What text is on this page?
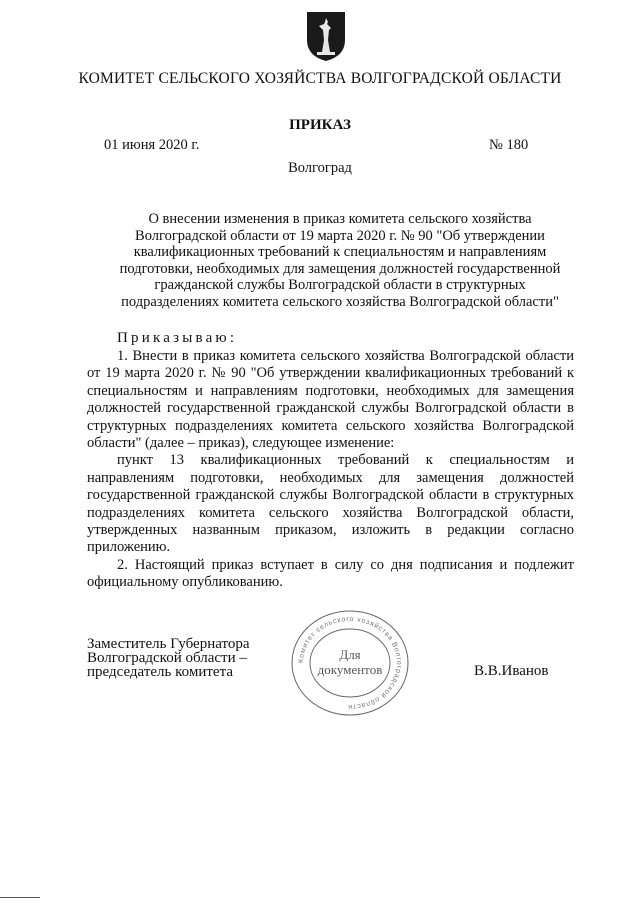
КОМИТЕТ СЕЛЬСКОГО ХОЗЯЙСТВА ВОЛГОГРАДСКОЙ ОБЛАСТИ
ПРИКАЗ
01 июня 2020 г.	№ 180
Волгоград
О внесении изменения в приказ комитета сельского хозяйства Волгоградской области от 19 марта 2020 г. № 90 "Об утверждении квалификационных требований к специальностям и направлениям подготовки, необходимых для замещения должностей государственной гражданской службы Волгоградской области в структурных подразделениях комитета сельского хозяйства Волгоградской области"
Приказываю:

1. Внести в приказ комитета сельского хозяйства Волгоградской области от 19 марта 2020 г. № 90 "Об утверждении квалификационных требований к специальностям и направлениям подготовки, необходимых для замещения должностей государственной гражданской службы Волгоградской области в структурных подразделениях комитета сельского хозяйства Волгоградской области" (далее – приказ), следующее изменение:

пункт 13 квалификационных требований к специальностям и направлениям подготовки, необходимых для замещения должностей государственной гражданской службы Волгоградской области в структурных подразделениях комитета сельского хозяйства Волгоградской области, утвержденных названным приказом, изложить в редакции согласно приложению.

2. Настоящий приказ вступает в силу со дня подписания и подлежит официальному опубликованию.

Заместитель Губернатора
Волгоградской области –
председатель комитета
Комитет сельского хозяйства Волгоградской области
Для
документов	В.В.Иванов
